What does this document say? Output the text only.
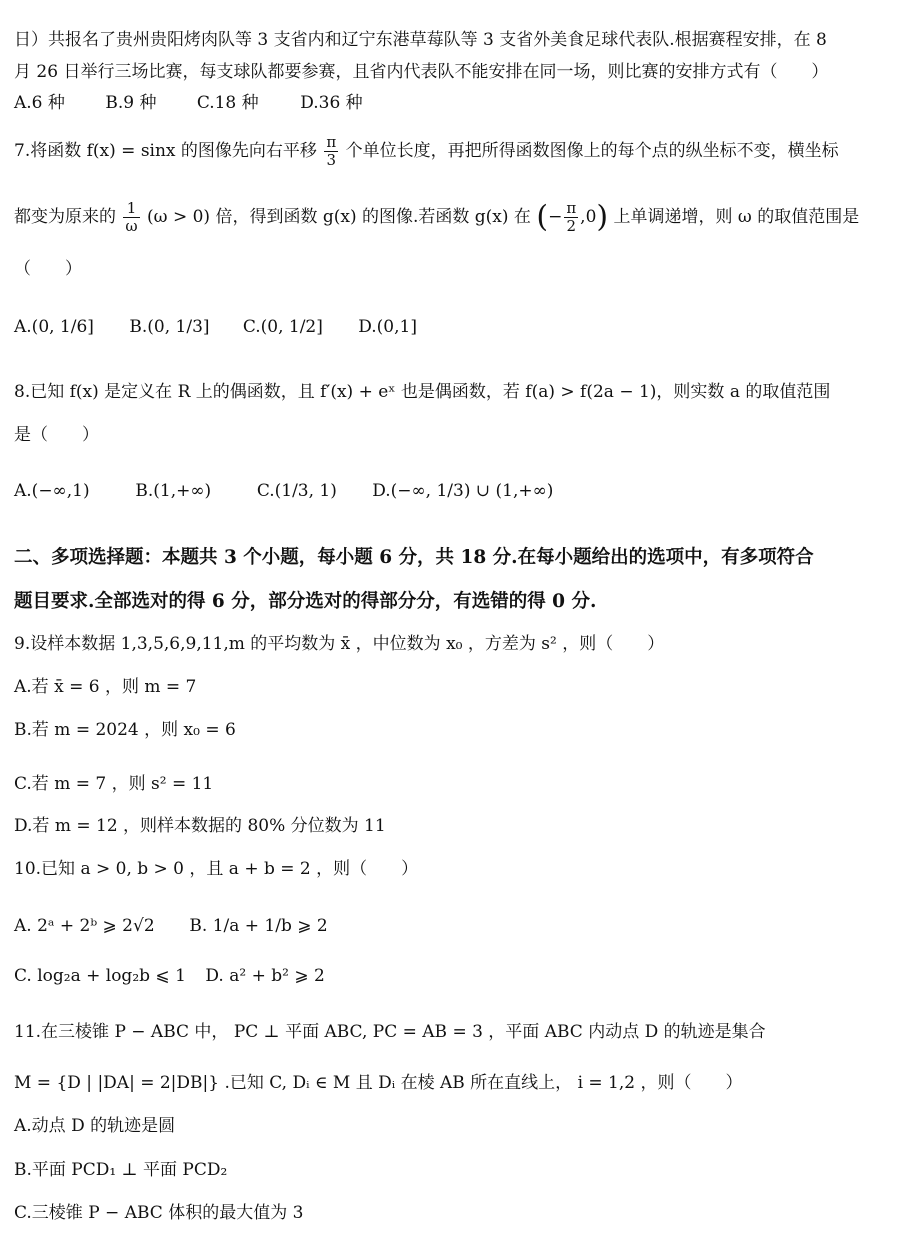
日）共报名了贵州贵阳烤肉队等 3 支省内和辽宁东港草莓队等 3 支省外美食足球代表队.根据赛程安排，在 8
月 26 日举行三场比赛，每支球队都要参赛，且省内代表队不能安排在同一场，则比赛的安排方式有（　　）
A.6 种 B.9 种 C.18 种 D.36 种
7.将函数 f(x) = sinx 的图像先向右平移 $\frac{\pi}{3}$ 个单位长度，再把所得函数图像上的每个点的纵坐标不变，横坐标
都变为原来的 $\frac{1}{\omega} (\omega > 0)$ 倍，得到函数 g(x) 的图像.若函数 g(x) 在 (− $\frac{\pi}{2} ,0$) 上单调递增，则 ω 的取值范围是
（　　）
A.(0, 1/6] B.(0, 1/3] C.(0, 1/2] D.(0,1]
8.已知 f(x) 是定义在 R 上的偶函数，且 f′(x) + eˣ 也是偶函数，若 f(a) > f(2a − 1)，则实数 a 的取值范围
是（　　）
A.(−∞,1)	B.(1,+∞)	C.(1/3, 1) D.(−∞, 1/3) ∪ (1,+∞)
二、多项选择题：本题共 3 个小题，每小题 6 分，共 18 分.在每小题给出的选项中，有多项符合
题目要求.全部选对的得 6 分，部分选对的得部分分，有选错的得 0 分.
9.设样本数据 1,3,5,6,9,11,m 的平均数为 x̄ ，中位数为 x₀ ，方差为 s² ，则（　　）
A.若 x̄ = 6 ，则 m = 7
B.若 m = 2024 ，则 x₀ = 6
C.若 m = 7 ，则 s² = 11
D.若 m = 12 ，则样本数据的 80% 分位数为 11
10.已知 a > 0, b > 0 ，且 a + b = 2 ，则（　　）
A. 2ᵃ + 2ᵇ ⩾ 2√2 B. 1/a + 1/b ⩾ 2
C. log₂a + log₂b ⩽ 1 D. a² + b² ⩾ 2
11.在三棱锥 P − ABC 中， PC ⊥ 平面 ABC, PC = AB = 3 ，平面 ABC 内动点 D 的轨迹是集合
M = {D | |DA| = 2|DB|} .已知 C, Dᵢ ∈ M 且 Dᵢ 在棱 AB 所在直线上， i = 1,2 ，则（　　）
A.动点 D 的轨迹是圆
B.平面 PCD₁ ⊥ 平面 PCD₂
C.三棱锥 P − ABC 体积的最大值为 3
